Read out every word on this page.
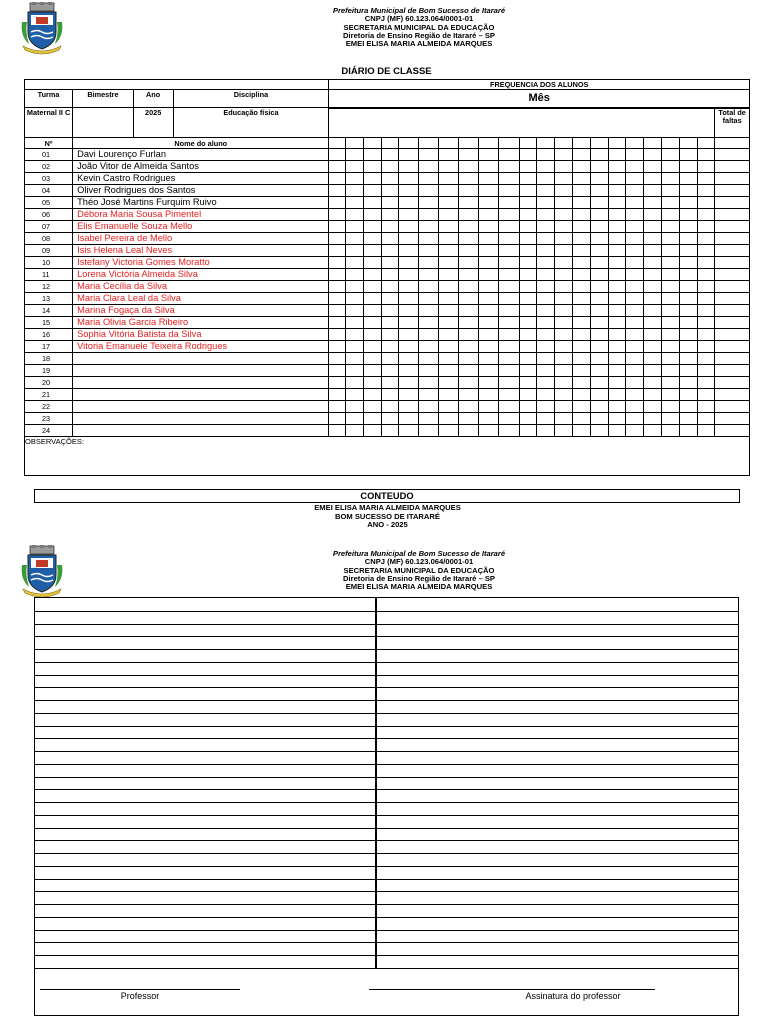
Prefeitura Municipal de Bom Sucesso de Itararé
CNPJ (MF) 60.123.064/0001-01
SECRETARIA MUNICIPAL DA EDUCAÇÃO
Diretoria de Ensino Região de Itararé – SP
EMEI ELISA MARIA ALMEIDA MARQUES
DIÁRIO DE CLASSE
				FREQUENCIA DOS ALUNOS																					
Turma	Bimestre	Ano	Disciplina	Mês																					
Maternal II C		2025	Educação física																						Total de faltas
Nº	Nome do aluno																								
01	Davi Lourenço Furlan																								
02	João Vitor de Almeida Santos																								
03	Kevin Castro Rodrigues																								
04	Oliver Rodrigues dos Santos																								
05	Théo José Martins Furquim Ruivo																								
06	Débora Maria Sousa Pimentel																								
07	Elis Emanuelle Souza Mello																								
08	Isabel Pereira de Mello																								
09	Isis Helena Leal Neves																								
10	Istefany Victoria Gomes Moratto																								
11	Lorena Victória Almeida Silva																								
12	Maria Cecília da Silva																								
13	Maria Clara Leal da Silva																								
14	Marina Fogaça da Silva																								
15	Maria Olivia Garcia Ribeiro																								
16	Sophia Vitória Batista da Silva																								
17	Vitoria Emanuele Teixeira Rodrigues																								
18																									
19																									
20																									
21																									
22																									
23																									
24																									
OBSERVAÇÕES:																									
CONTEUDO
EMEI ELISA MARIA ALMEIDA MARQUES
BOM SUCESSO DE ITARARÉ
ANO - 2025
Prefeitura Municipal de Bom Sucesso de Itararé
CNPJ (MF) 60.123.064/0001-01
SECRETARIA MUNICIPAL DA EDUCAÇÃO
Diretoria de Ensino Região de Itararé – SP
EMEI ELISA MARIA ALMEIDA MARQUES
Professor	Assinatura do professor
